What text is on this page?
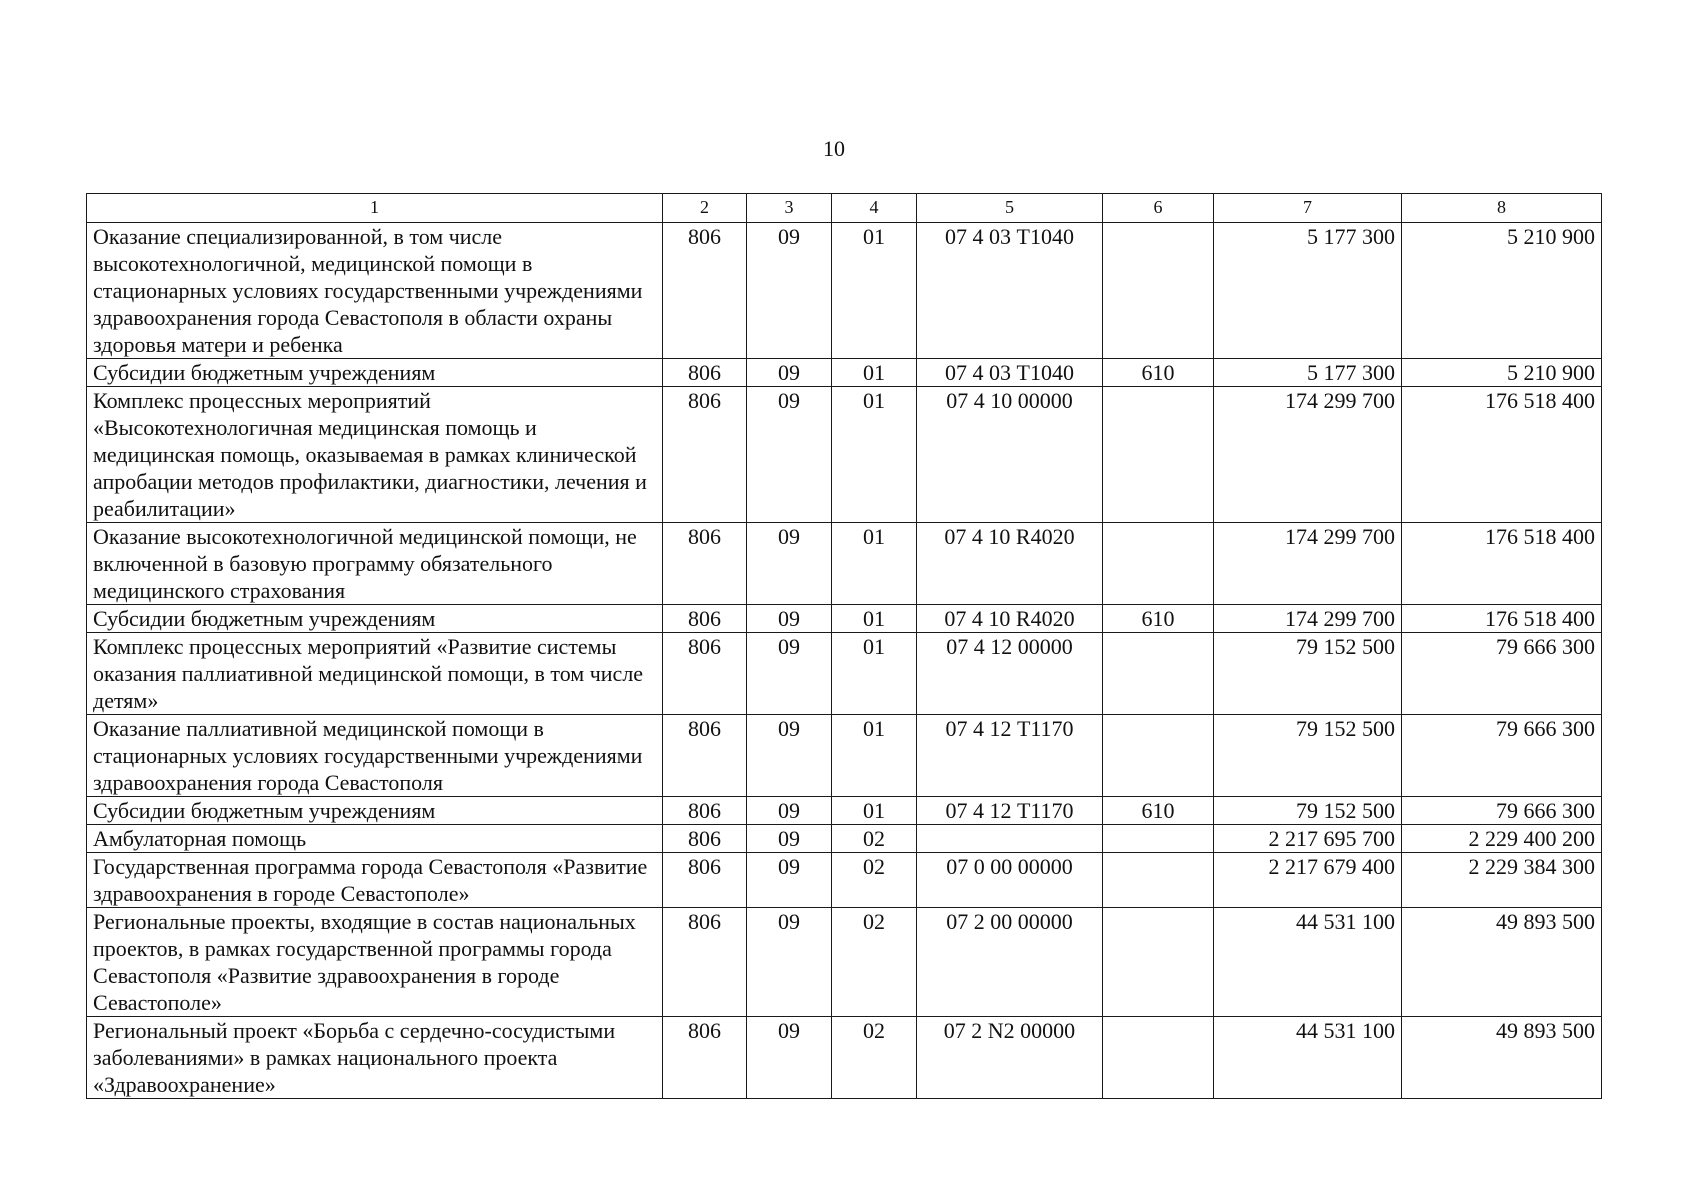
10
1	2	3	4	5	6	7	8
Оказание специализированной, в том числе высокотехнологичной, медицинской помощи в стационарных условиях государственными учреждениями здравоохранения города Севастополя в области охраны здоровья матери и ребенка	806	09	01	07 4 03 Т1040		5 177 300	5 210 900
Субсидии бюджетным учреждениям	806	09	01	07 4 03 Т1040	610	5 177 300	5 210 900
Комплекс процессных мероприятий «Высокотехнологичная медицинская помощь и медицинская помощь, оказываемая в рамках клинической апробации методов профилактики, диагностики, лечения и реабилитации»	806	09	01	07 4 10 00000		174 299 700	176 518 400
Оказание высокотехнологичной медицинской помощи, не включенной в базовую программу обязательного медицинского страхования	806	09	01	07 4 10 R4020		174 299 700	176 518 400
Субсидии бюджетным учреждениям	806	09	01	07 4 10 R4020	610	174 299 700	176 518 400
Комплекс процессных мероприятий «Развитие системы оказания паллиативной медицинской помощи, в том числе детям»	806	09	01	07 4 12 00000		79 152 500	79 666 300
Оказание паллиативной медицинской помощи в стационарных условиях государственными учреждениями здравоохранения города Севастополя	806	09	01	07 4 12 Т1170		79 152 500	79 666 300
Субсидии бюджетным учреждениям	806	09	01	07 4 12 Т1170	610	79 152 500	79 666 300
Амбулаторная помощь	806	09	02			2 217 695 700	2 229 400 200
Государственная программа города Севастополя «Развитие здравоохранения в городе Севастополе»	806	09	02	07 0 00 00000		2 217 679 400	2 229 384 300
Региональные проекты, входящие в состав национальных проектов, в рамках государственной программы города Севастополя «Развитие здравоохранения в городе Севастополе»	806	09	02	07 2 00 00000		44 531 100	49 893 500
Региональный проект «Борьба с сердечно-сосудистыми заболеваниями» в рамках национального проекта «Здравоохранение»	806	09	02	07 2 N2 00000		44 531 100	49 893 500
